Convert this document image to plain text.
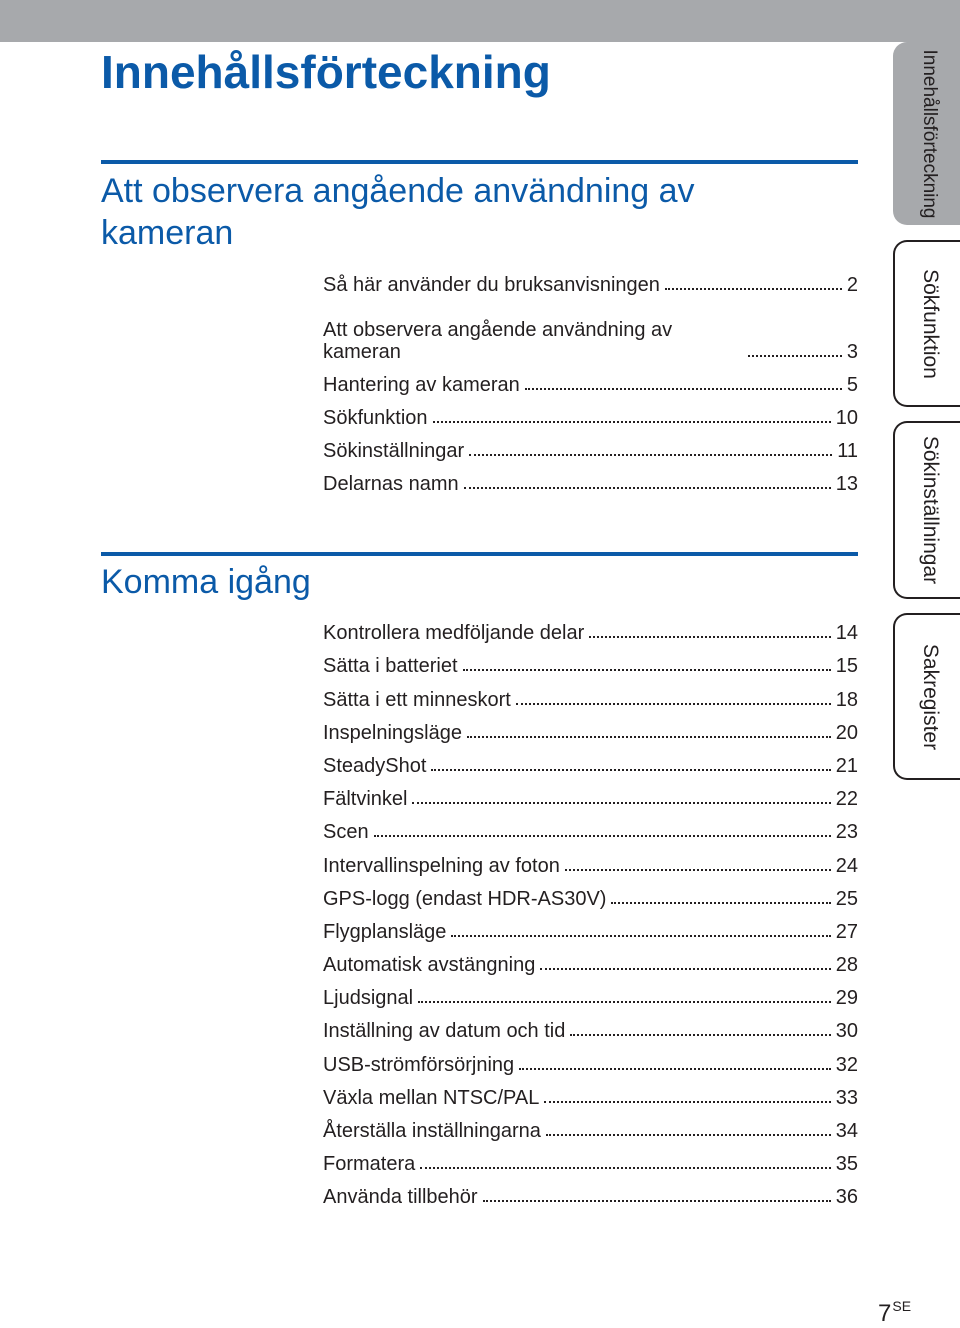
Innehållsförteckning
Att observera angående användning av kameran
Så här använder du bruksanvisningen	2
Att observera angående användning av kameran	3
Hantering av kameran	5
Sökfunktion	10
Sökinställningar	11
Delarnas namn	13
Komma igång
Kontrollera medföljande delar	14
Sätta i batteriet	15
Sätta i ett minneskort	18
Inspelningsläge	20
SteadyShot	21
Fältvinkel	22
Scen	23
Intervallinspelning av foton	24
GPS-logg (endast HDR-AS30V)	25
Flygplansläge	27
Automatisk avstängning	28
Ljudsignal	29
Inställning av datum och tid	30
USB-strömförsörjning	32
Växla mellan NTSC/PAL	33
Återställa inställningarna	34
Formatera	35
Använda tillbehör	36
Innehållsförteckning
Sökfunktion
Sökinställningar
Sakregister
$7^{SE}$
